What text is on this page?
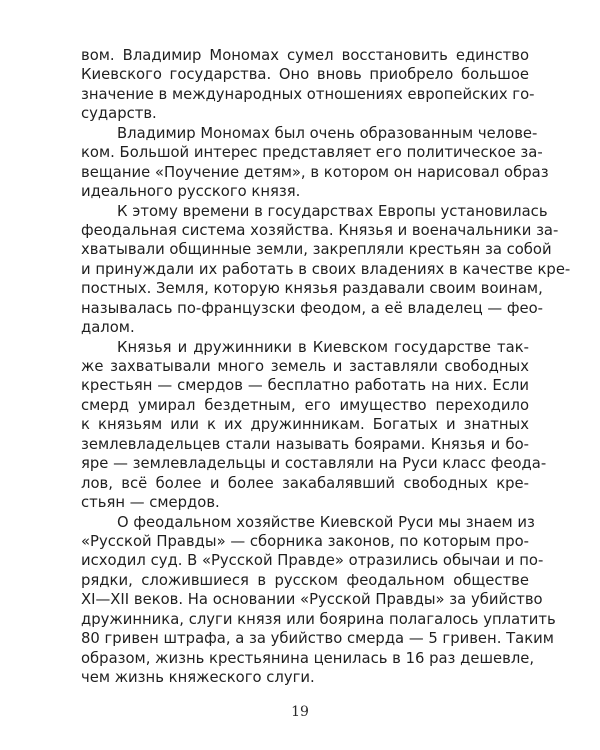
вом. Владимир Мономах сумел восстановить единство
Киевского государства. Оно вновь приобрело большое
значение в международных отношениях европейских го-
сударств.
Владимир Мономах был очень образованным челове-
ком. Большой интерес представляет его политическое за-
вещание «Поучение детям», в котором он нарисовал образ
идеального русского князя.
К этому времени в государствах Европы установилась
феодальная система хозяйства. Князья и военачальники за-
хватывали общинные земли, закрепляли крестьян за собой
и принуждали их работать в своих владениях в качестве кре-
постных. Земля, которую князья раздавали своим воинам,
называлась по-французски феодом, а её владелец — фео-
далом.
Князья и дружинники в Киевском государстве так-
же захватывали много земель и заставляли свободных
крестьян — смердов — бесплатно работать на них. Если
смерд умирал бездетным, его имущество переходило
к князьям или к их дружинникам. Богатых и знатных
землевладельцев стали называть боярами. Князья и бо-
яре — землевладельцы и составляли на Руси класс феода-
лов, всё более и более закабалявший свободных кре-
стьян — смердов.
О феодальном хозяйстве Киевской Руси мы знаем из
«Русской Правды» — сборника законов, по которым про-
исходил суд. В «Русской Правде» отразились обычаи и по-
рядки, сложившиеся в русском феодальном обществе
XI—XII веков. На основании «Русской Правды» за убийство
дружинника, слуги князя или боярина полагалось уплатить
80 гривен штрафа, а за убийство смерда — 5 гривен. Таким
образом, жизнь крестьянина ценилась в 16 раз дешевле,
чем жизнь княжеского слуги.
19
